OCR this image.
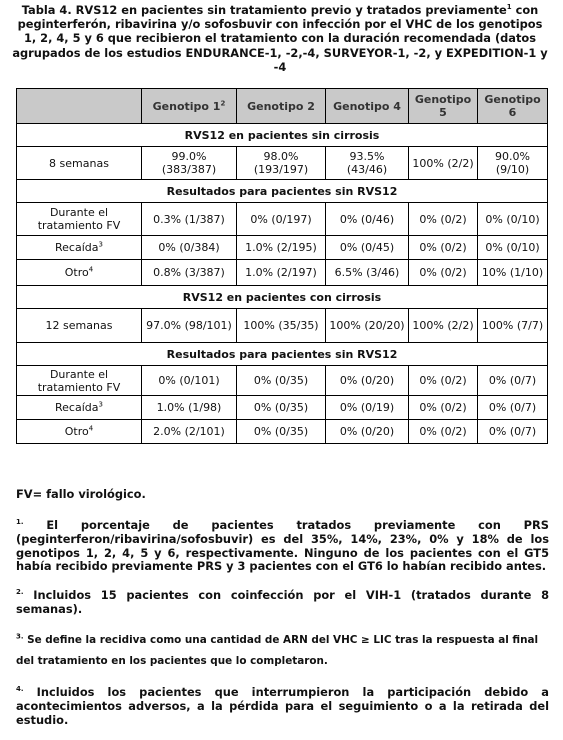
Tabla 4. RVS12 en pacientes sin tratamiento previo y tratados previamente$^1$ con peginterferón, ribavirina y/o sofosbuvir con infección por el VHC de los genotipos 1, 2, 4, 5 y 6 que recibieron el tratamiento con la duración recomendada (datos agrupados de los estudios ENDURANCE-1, -2,-4, SURVEYOR-1, -2, y EXPEDITION-1 y -4
	Genotipo $1^2$	Genotipo 2	Genotipo 4	Genotipo 5	Genotipo 6
RVS12 en pacientes sin cirrosis					
8 semanas	99.0% (383/387)	98.0% (193/197)	93.5% (43/46)	100% (2/2)	90.0% (9/10)
Resultados para pacientes sin RVS12					
Durante el tratamiento FV	0.3% (1/387)	0% (0/197)	0% (0/46)	0% (0/2)	0% (0/10)
Recaída$^3$	0% (0/384)	1.0% (2/195)	0% (0/45)	0% (0/2)	0% (0/10)
Otro$^4$	0.8% (3/387)	1.0% (2/197)	6.5% (3/46)	0% (0/2)	10% (1/10)
RVS12 en pacientes con cirrosis					
12 semanas	97.0% (98/101)	100% (35/35)	100% (20/20)	100% (2/2)	100% (7/7)
Resultados para pacientes sin RVS12					
Durante el tratamiento FV	0% (0/101)	0% (0/35)	0% (0/20)	0% (0/2)	0% (0/7)
Recaída$^3$	1.0% (1/98)	0% (0/35)	0% (0/19)	0% (0/2)	0% (0/7)
Otro$^4$	2.0% (2/101)	0% (0/35)	0% (0/20)	0% (0/2)	0% (0/7)
FV= fallo virológico.
$^{1.}$ El porcentaje de pacientes tratados previamente con PRS (peginterferon/ribavirina/sofosbuvir) es del 35%, 14%, 23%, 0% y 18% de los genotipos 1, 2, 4, 5 y 6, respectivamente. Ninguno de los pacientes con el GT5 había recibido previamente PRS y 3 pacientes con el GT6 lo habían recibido antes.
$^{2.}$ Incluidos 15 pacientes con coinfección por el VIH-1 (tratados durante 8 semanas).
$^{3.}$ Se define la recidiva como una cantidad de ARN del VHC ≥ LIC tras la respuesta al final del tratamiento en los pacientes que lo completaron.
$^{4.}$ Incluidos los pacientes que interrumpieron la participación debido a acontecimientos adversos, a la pérdida para el seguimiento o a la retirada del estudio.
